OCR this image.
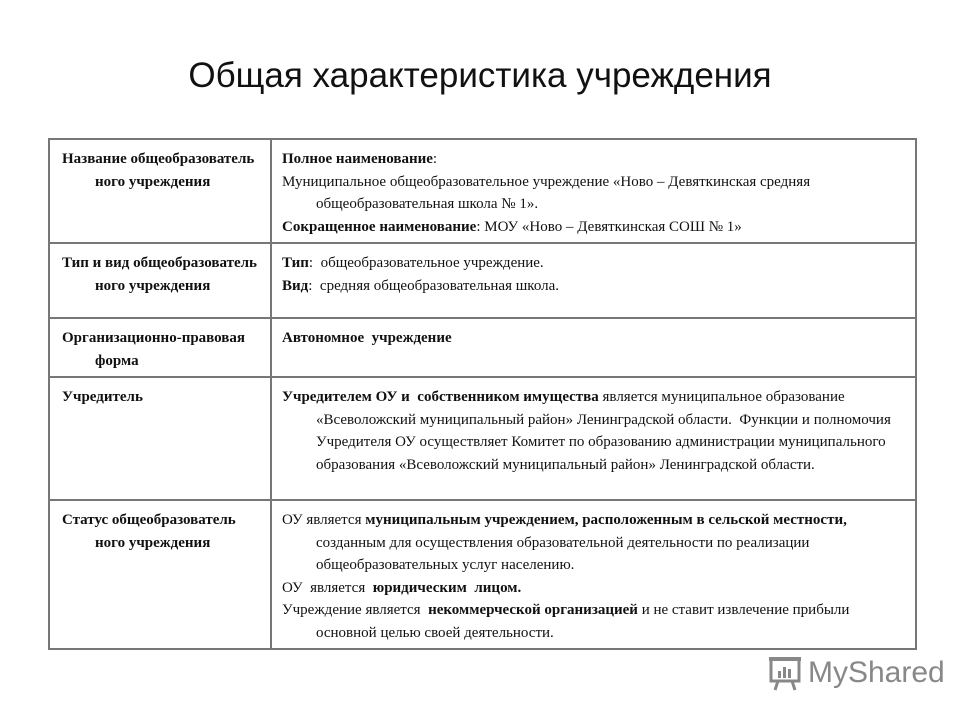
Общая характеристика учреждения

Название общеобразователь ного учреждения	Полное наименование:

Муниципальное общеобразовательное учреждение «Ново – Девяткинская средняя общеобразовательная школа № 1».

Сокращенное наименование: МОУ «Ново – Девяткинская СОШ № 1»

Тип и вид общеобразователь ного учреждения	Тип:  общеобразовательное учреждение.

Вид:  средняя общеобразовательная школа.

Организационно-правовая форма	Автономное  учреждение

Учредитель	Учредителем ОУ и  собственником имущества является муниципальное образование «Всеволожский муниципальный район» Ленинградской области.  Функции и полномочия Учредителя ОУ осуществляет Комитет по образованию администрации муниципального образования «Всеволожский муниципальный район» Ленинградской области.

Статус общеобразователь ного учреждения	ОУ является муниципальным учреждением, расположенным в сельской местности, созданным для осуществления образовательной деятельности по реализации общеобразовательных услуг населению.

ОУ  является  юридическим  лицом.

Учреждение является  некоммерческой организацией и не ставит извлечение прибыли основной целью своей деятельности.

MyShared
